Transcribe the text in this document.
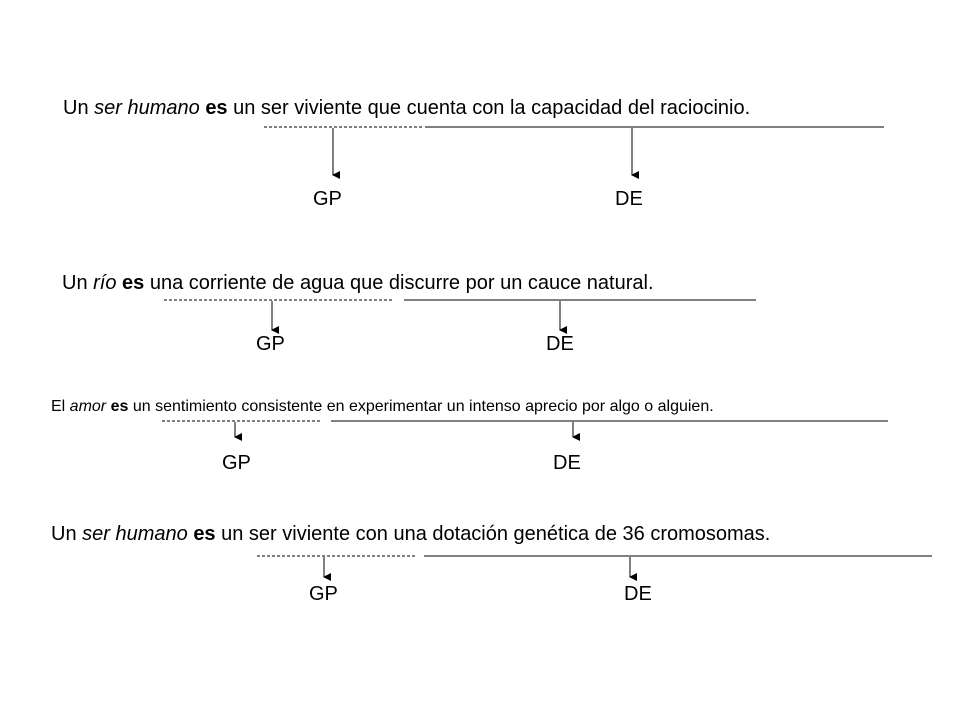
Un ser humano es un ser viviente que cuenta con la capacidad del raciocinio.
GP	DE
Un río es una corriente de agua que discurre por un cauce natural.
GP	DE
El amor es un sentimiento consistente en experimentar un intenso aprecio por algo o alguien.
GP	DE
Un ser humano es un ser viviente con una dotación genética de 36 cromosomas.
GP	DE
